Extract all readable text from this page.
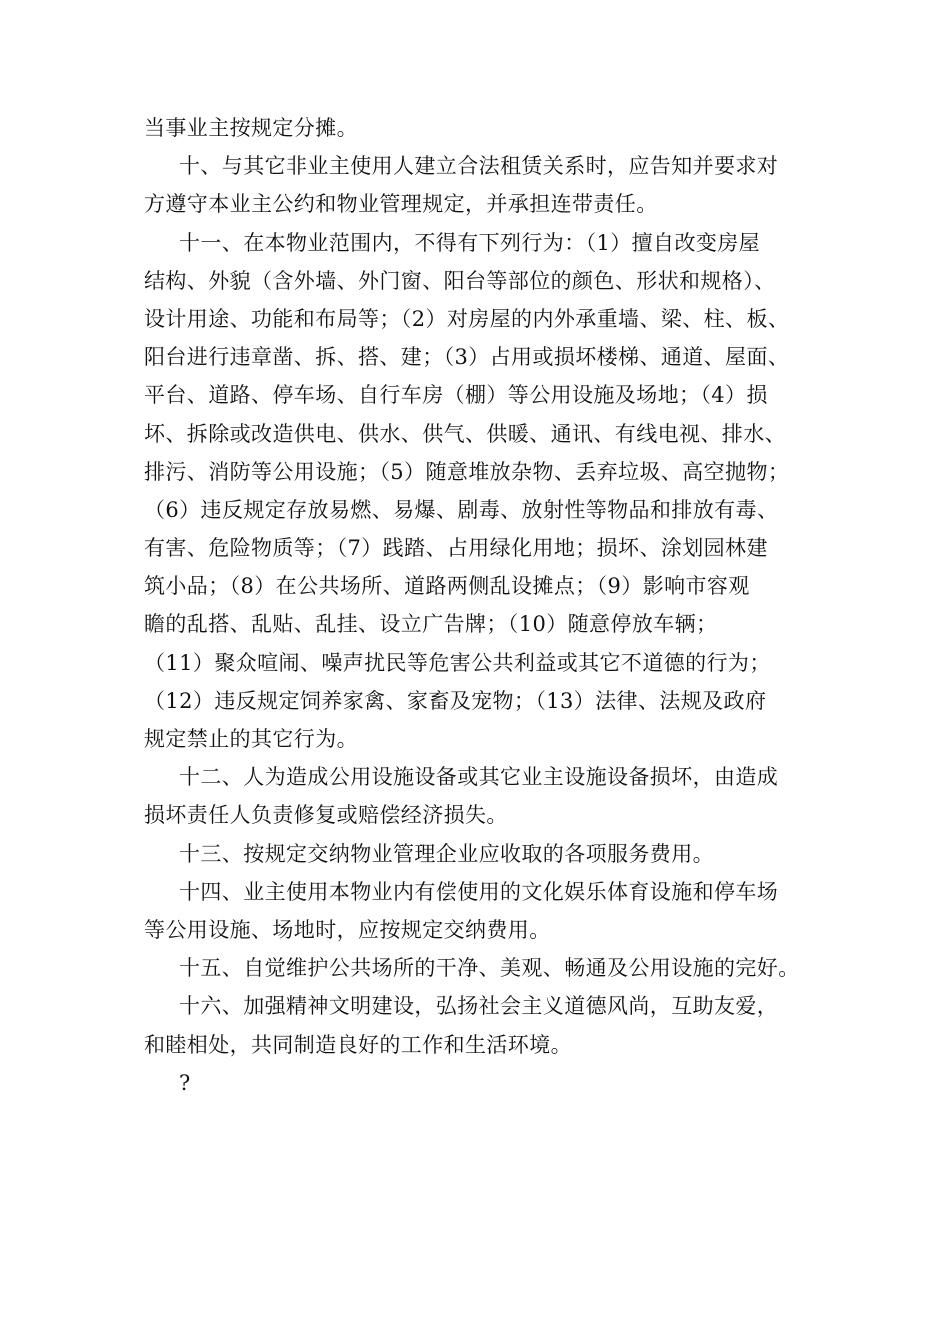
当事业主按规定分摊。
十、与其它非业主使用人建立合法租赁关系时，应告知并要求对
方遵守本业主公约和物业管理规定，并承担连带责任。
十一、在本物业范围内，不得有下列行为：（1）擅自改变房屋
结构、外貌（含外墙、外门窗、阳台等部位的颜色、形状和规格）、
设计用途、功能和布局等；（2）对房屋的内外承重墙、梁、柱、板、
阳台进行违章凿、拆、搭、建；（3）占用或损坏楼梯、通道、屋面、
平台、道路、停车场、自行车房（棚）等公用设施及场地；（4）损
坏、拆除或改造供电、供水、供气、供暖、通讯、有线电视、排水、
排污、消防等公用设施；（5）随意堆放杂物、丢弃垃圾、高空抛物；
（6）违反规定存放易燃、易爆、剧毒、放射性等物品和排放有毒、
有害、危险物质等；（7）践踏、占用绿化用地；损坏、涂划园林建
筑小品；（8）在公共场所、道路两侧乱设摊点；（9）影响市容观
瞻的乱搭、乱贴、乱挂、设立广告牌；（10）随意停放车辆；
（11）聚众喧闹、噪声扰民等危害公共利益或其它不道德的行为；
（12）违反规定饲养家禽、家畜及宠物；（13）法律、法规及政府
规定禁止的其它行为。
十二、人为造成公用设施设备或其它业主设施设备损坏，由造成
损坏责任人负责修复或赔偿经济损失。
十三、按规定交纳物业管理企业应收取的各项服务费用。
十四、业主使用本物业内有偿使用的文化娱乐体育设施和停车场
等公用设施、场地时，应按规定交纳费用。
十五、自觉维护公共场所的干净、美观、畅通及公用设施的完好。
十六、加强精神文明建设，弘扬社会主义道德风尚，互助友爱，
和睦相处，共同制造良好的工作和生活环境。
?
